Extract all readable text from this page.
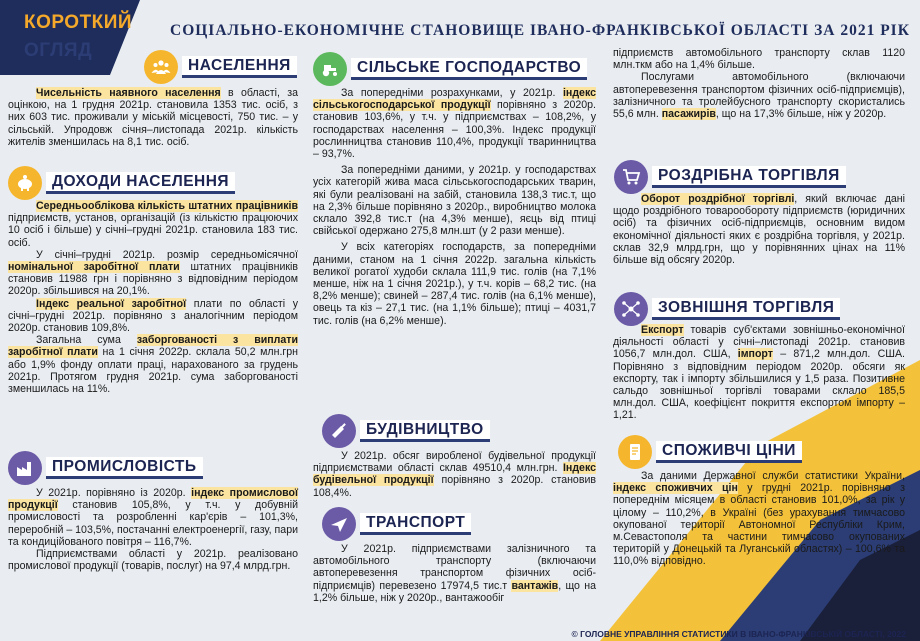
КОРОТКИЙ
ОГЛЯД
СОЦІАЛЬНО-ЕКОНОМІЧНЕ СТАНОВИЩЕ ІВАНО-ФРАНКІВСЬКОЇ ОБЛАСТІ ЗА 2021 РІК
НАСЕЛЕННЯ

Чисельність наявного населення в області, за оцінкою, на 1 грудня 2021р. становила 1353 тис. осіб, з них 603 тис. проживали у міській місцевості, 750 тис. – у сільській. Упродовж січня–листопада 2021р. кількість жителів зменшилась на 8,1 тис. осіб.

ДОХОДИ НАСЕЛЕННЯ

Середньооблікова кількість штатних працівників підприємств, установ, організацій (із кількістю працюючих 10 осіб і більше) у січні–грудні 2021р. становила 183 тис. осіб.

У січні–грудні 2021р. розмір середньомісячної номінальної заробітної плати штатних працівників становив 11988 грн і порівняно з відповідним періодом 2020р. збільшився на 20,1%.

Індекс реальної заробітної плати по області у січні–грудні 2021р. порівняно з аналогічним періодом 2020р. становив 109,8%.

Загальна сума заборгованості з виплати заробітної плати на 1 січня 2022р. склала 50,2 млн.грн або 1,9% фонду оплати праці, нарахованого за грудень 2021р. Протягом грудня 2021р. сума заборгованості зменшилась на 11%.

ПРОМИСЛОВІСТЬ

У 2021р. порівняно із 2020р. індекс промислової продукції становив 105,8%, у т.ч. у добувній промисловості та розробленні кар'єрів – 101,3%, переробній – 103,5%, постачанні електроенергії, газу, пари та кондиційованого повітря – 116,7%.

Підприємствами області у 2021р. реалізовано промислової продукції (товарів, послуг) на 97,4 млрд.грн.

СІЛЬСЬКЕ ГОСПОДАРСТВО

За попередніми розрахунками, у 2021р. індекс сільськогосподарської продукції порівняно з 2020р. становив 103,6%, у т.ч. у підприємствах – 108,2%, у господарствах населення – 100,3%. Індекс продукції рослинництва становив 110,4%, продукції тваринництва – 93,7%.

За попередніми даними, у 2021р. у господарствах усіх категорій жива маса сільськогосподарських тварин, які були реалізовані на забій, становила 138,3 тис.т, що на 2,3% більше порівняно з 2020р., виробництво молока склало 392,8 тис.т (на 4,3% менше), яєць від птиці свійської одержано 275,8 млн.шт (у 2 рази менше).

У всіх категоріях господарств, за попередніми даними, станом на 1 січня 2022р. загальна кількість великої рогатої худоби склала 111,9 тис. голів (на 7,1% менше, ніж на 1 січня 2021р.), у т.ч. корів – 68,2 тис. (на 8,2% менше); свиней – 287,4 тис. голів (на 6,1% менше), овець та кіз – 27,1 тис. (на 1,1% більше); птиці – 4031,7 тис. голів (на 6,2% менше).

БУДІВНИЦТВО

У 2021р. обсяг виробленої будівельної продукції підприємствами області склав 49510,4 млн.грн. Індекс будівельної продукції порівняно з 2020р. становив 108,4%.

ТРАНСПОРТ

У 2021р. підприємствами залізничного та автомобільного транспорту (включаючи автоперевезення транспортом фізичних осіб-підприємців) перевезено 17974,5 тис.т вантажів, що на 1,2% більше, ніж у 2020р., вантажообіг

підприємств автомобільного транспорту склав 1120 млн.ткм або на 1,4% більше.

Послугами автомобільного (включаючи автоперевезення транспортом фізичних осіб-підприємців), залізничного та тролейбусного транспорту скористались 55,6 млн. пасажирів, що на 17,3% більше, ніж у 2020р.

РОЗДРІБНА ТОРГІВЛЯ

Оборот роздрібної торгівлі, який включає дані щодо роздрібного товарообороту підприємств (юридичних осіб) та фізичних осіб-підприємців, основним видом економічної діяльності яких є роздрібна торгівля, у 2021р. склав 32,9 млрд.грн, що у порівнянних цінах на 11% більше від обсягу 2020р.

ЗОВНІШНЯ ТОРГІВЛЯ

Експорт товарів суб'єктами зовнішньо-економічної діяльності області у січні–листопаді 2021р. становив 1056,7 млн.дол. США, імпорт – 871,2 млн.дол. США. Порівняно з відповідним періодом 2020р. обсяги як експорту, так і імпорту збільшилися у 1,5 раза. Позитивне сальдо зовнішньої торгівлі товарами склало 185,5 млн.дол. США, коефіцієнт покриття експортом імпорту – 1,21.

СПОЖИВЧІ ЦІНИ

За даними Державної служби статистики України, індекс споживчих цін у грудні 2021р. порівняно з попереднім місяцем в області становив 101,0%, за рік у цілому – 110,2%, в Україні (без урахування тимчасово окупованої території Автономної Республіки Крим, м.Севастополя та частини тимчасово окупованих територій у Донецькій та Луганській областях) – 100,6% та 110,0% відповідно.

© ГОЛОВНЕ УПРАВЛІННЯ СТАТИСТИКИ В ІВАНО-ФРАНКІВСЬКІЙ ОБЛАСТІ, 2022
